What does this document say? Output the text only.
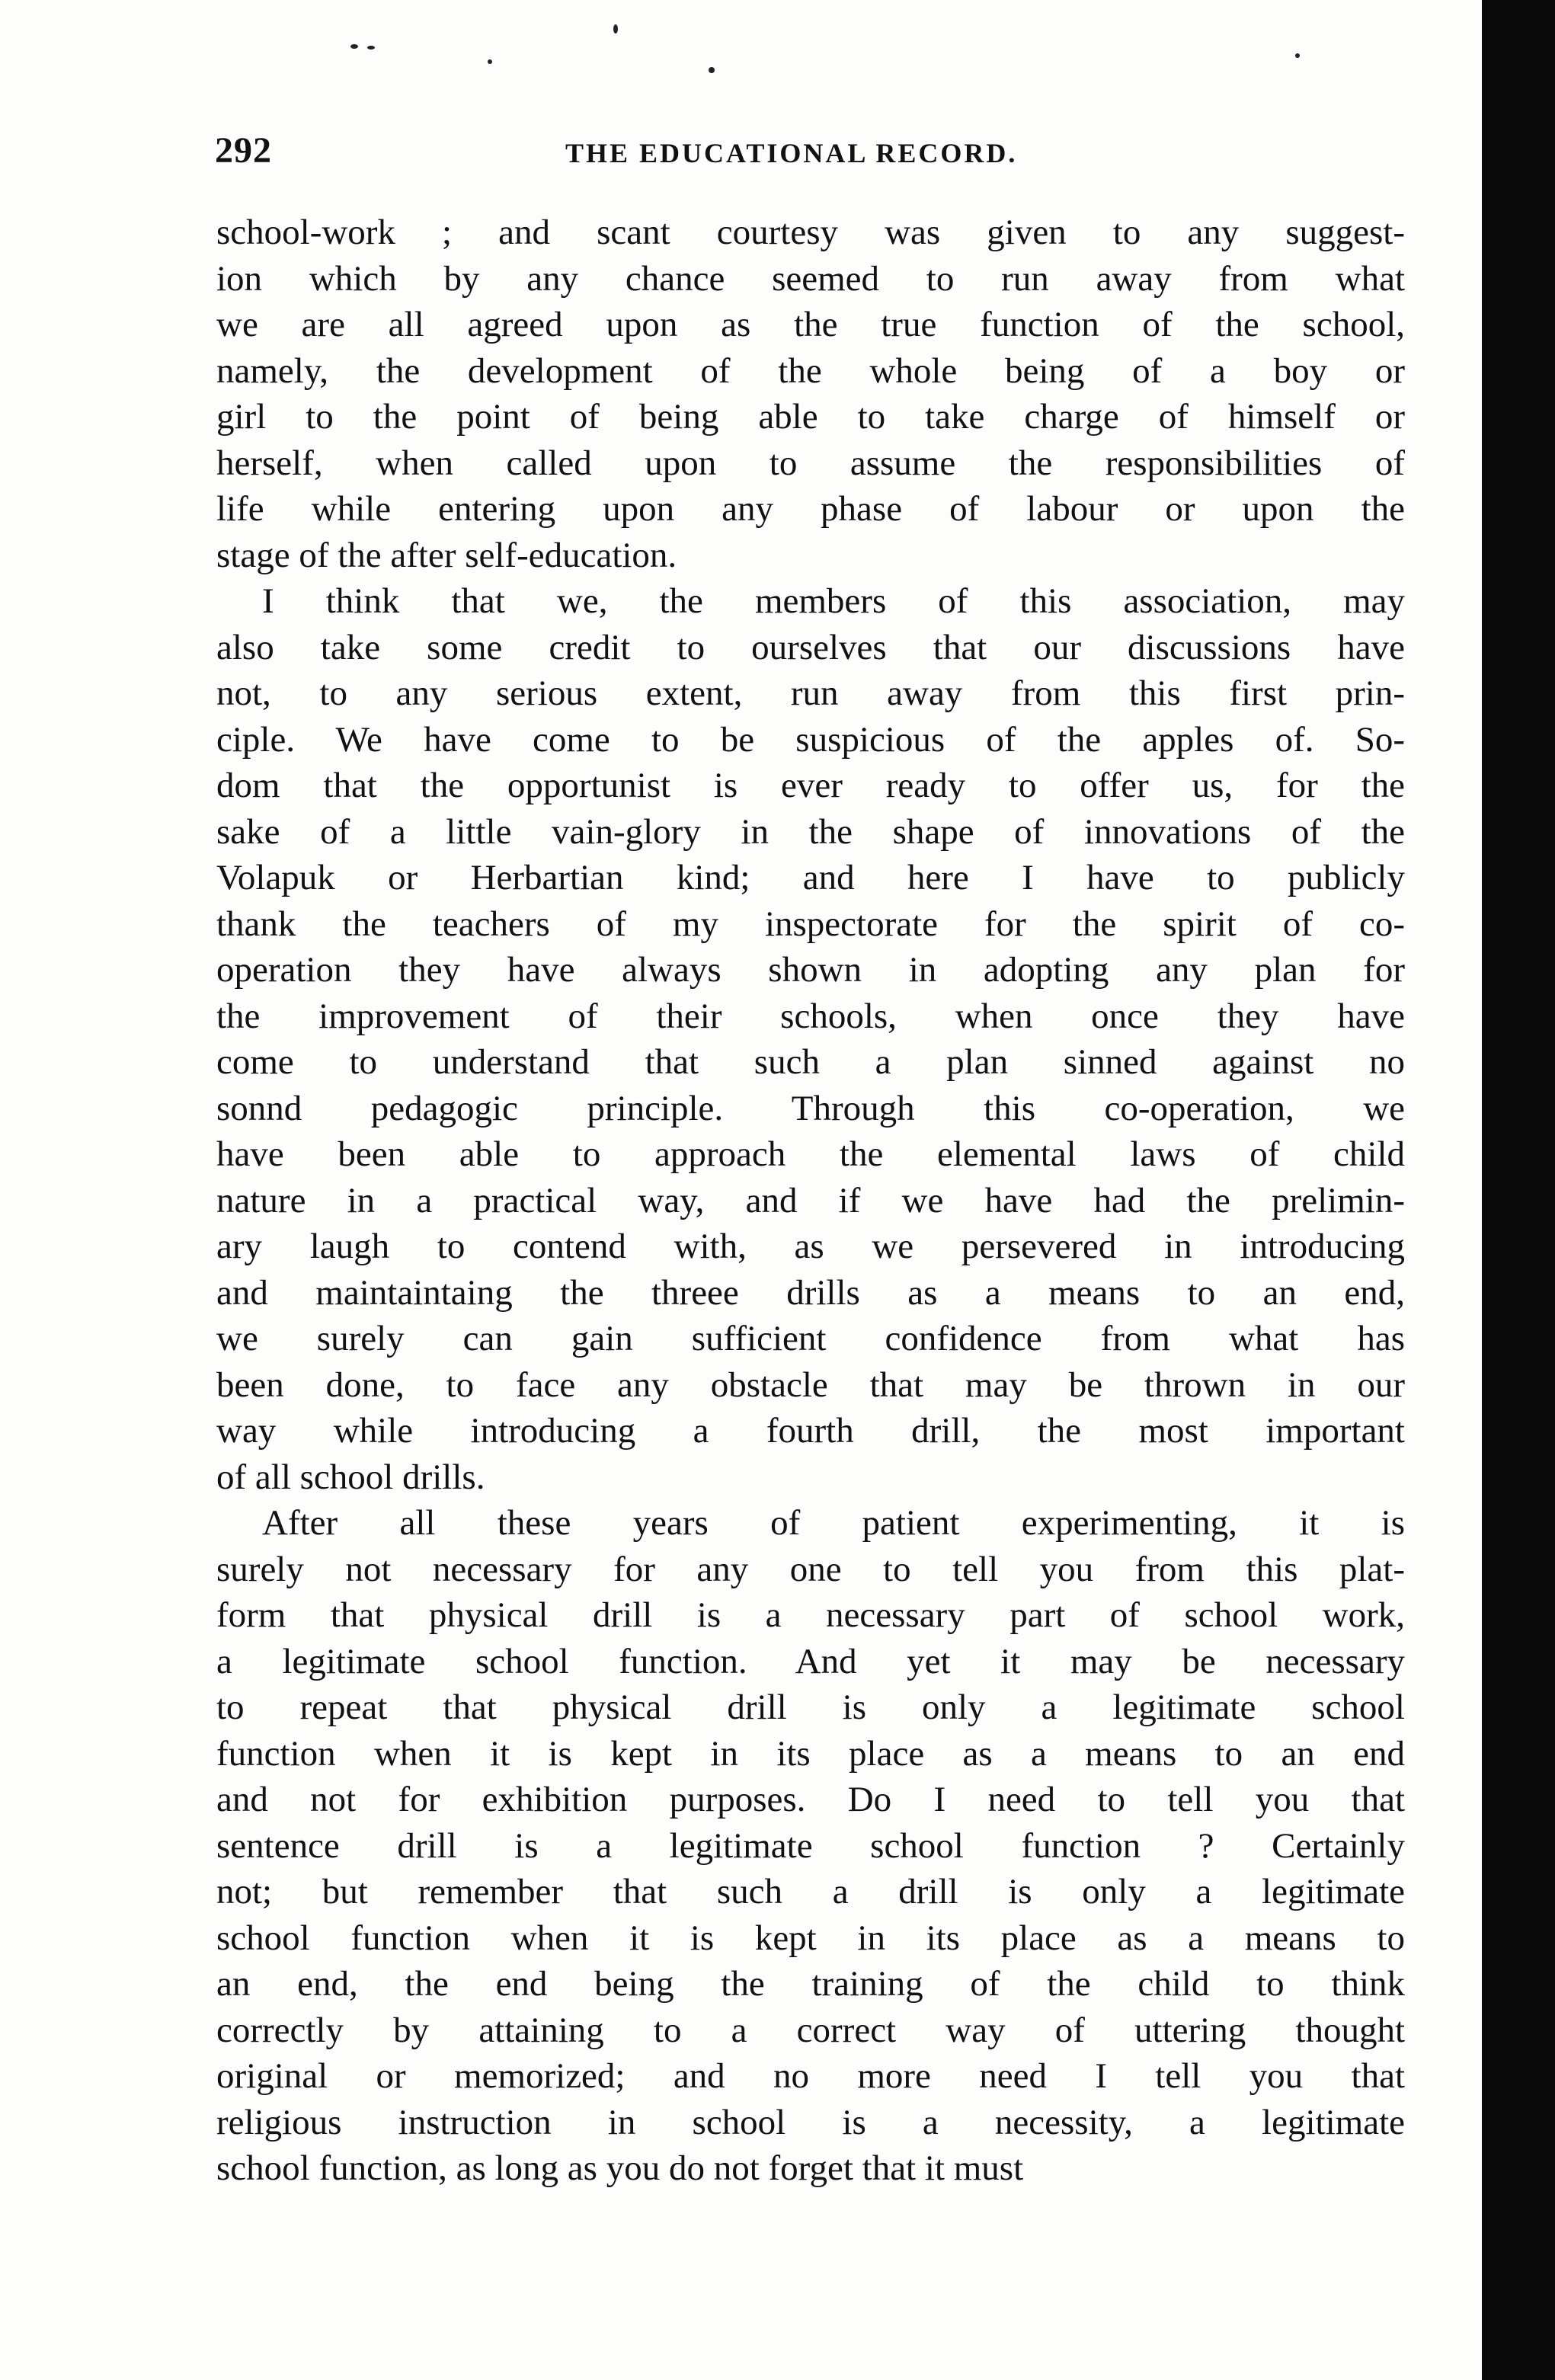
292	THE EDUCATIONAL RECORD.
school-work ; and scant courtesy was given to any suggest-
ion which by any chance seemed to run away from what
we are all agreed upon as the true function of the school,
namely, the development of the whole being of a boy or
girl to the point of being able to take charge of himself or
herself, when called upon to assume the responsibilities of
life while entering upon any phase of labour or upon the
stage of the after self-education.
I think that we, the members of this association, may
also take some credit to ourselves that our discussions have
not, to any serious extent, run away from this first prin-
ciple. We have come to be suspicious of the apples of. So-
dom that the opportunist is ever ready to offer us, for the
sake of a little vain-glory in the shape of innovations of the
Volapuk or Herbartian kind; and here I have to publicly
thank the teachers of my inspectorate for the spirit of co-
operation they have always shown in adopting any plan for
the improvement of their schools, when once they have
come to understand that such a plan sinned against no
sonnd pedagogic principle. Through this co-operation, we
have been able to approach the elemental laws of child
nature in a practical way, and if we have had the prelimin-
ary laugh to contend with, as we persevered in introducing
and maintaintaing the threee drills as a means to an end,
we surely can gain sufficient confidence from what has
been done, to face any obstacle that may be thrown in our
way while introducing a fourth drill, the most important
of all school drills.
After all these years of patient experimenting, it is
surely not necessary for any one to tell you from this plat-
form that physical drill is a necessary part of school work,
a legitimate school function. And yet it may be necessary
to repeat that physical drill is only a legitimate school
function when it is kept in its place as a means to an end
and not for exhibition purposes. Do I need to tell you that
sentence drill is a legitimate school function ? Certainly
not; but remember that such a drill is only a legitimate
school function when it is kept in its place as a means to
an end, the end being the training of the child to think
correctly by attaining to a correct way of uttering thought
original or memorized; and no more need I tell you that
religious instruction in school is a necessity, a legitimate
school function, as long as you do not forget that it must
